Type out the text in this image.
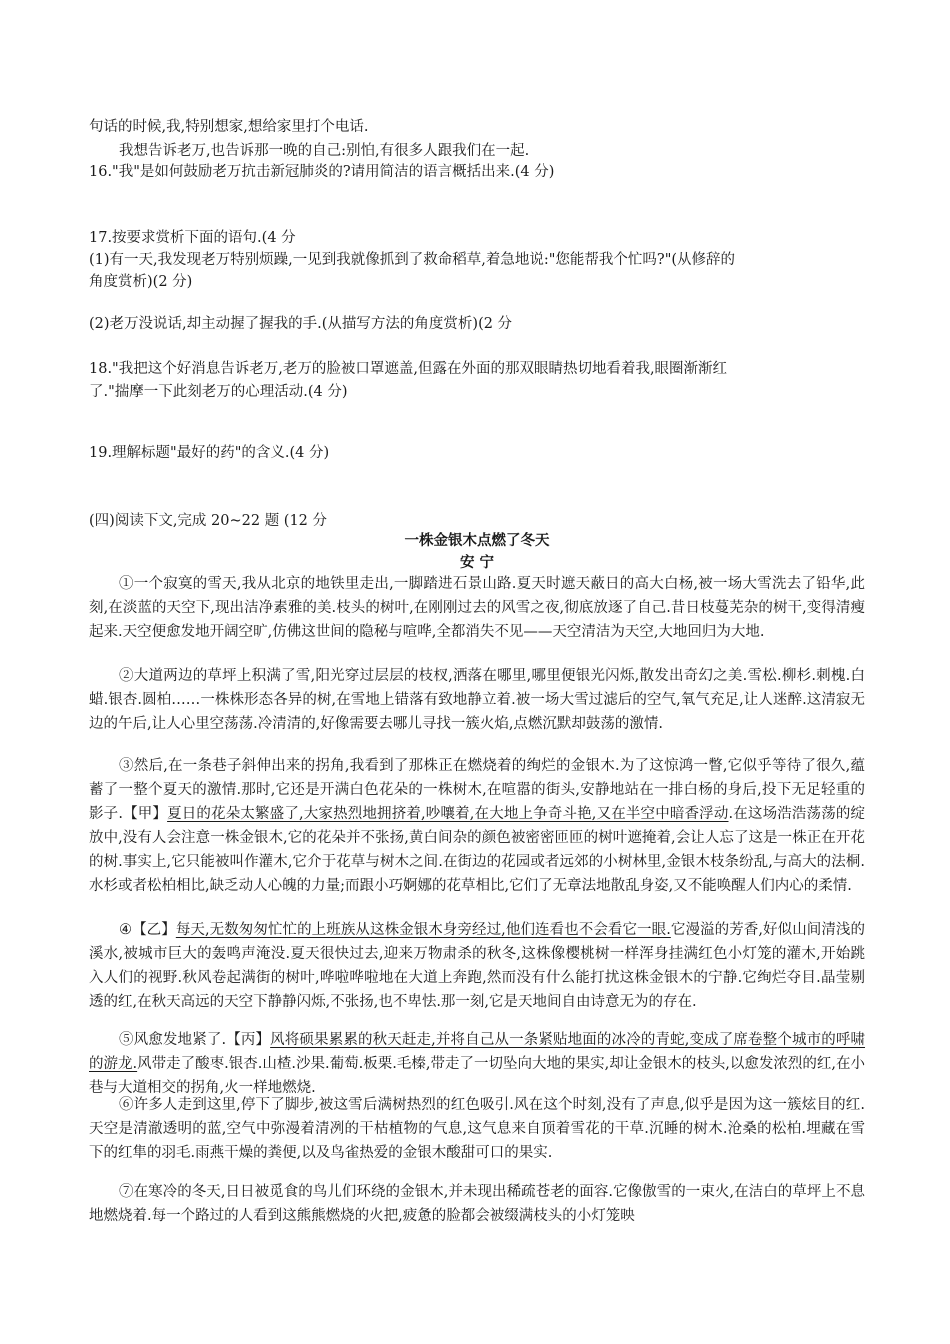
句话的时候,我,特别想家,想给家里打个电话.
我想告诉老万,也告诉那一晚的自己:别怕,有很多人跟我们在一起.
16."我"是如何鼓励老万抗击新冠肺炎的?请用简洁的语言概括出来.(4 分)
17.按要求赏析下面的语句.(4 分
(1)有一天,我发现老万特别烦躁,一见到我就像抓到了救命稻草,着急地说:"您能帮我个忙吗?"(从修辞的
角度赏析)(2 分)
(2)老万没说话,却主动握了握我的手.(从描写方法的角度赏析)(2 分
18."我把这个好消息告诉老万,老万的脸被口罩遮盖,但露在外面的那双眼睛热切地看着我,眼圈渐渐红
了."揣摩一下此刻老万的心理活动.(4 分)
19.理解标题"最好的药"的含义.(4 分)
(四)阅读下文,完成 20~22 题 (12 分
一株金银木点燃了冬天
安 宁

①一个寂寞的雪天,我从北京的地铁里走出,一脚踏进石景山路.夏天时遮天蔽日的高大白杨,被一场大雪洗去了铅华,此刻,在淡蓝的天空下,现出洁净素雅的美.枝头的树叶,在刚刚过去的风雪之夜,彻底放逐了自己.昔日枝蔓芜杂的树干,变得清瘦起来.天空便愈发地开阔空旷,仿佛这世间的隐秘与喧哗,全都消失不见——天空清洁为天空,大地回归为大地.

②大道两边的草坪上积满了雪,阳光穿过层层的枝杈,洒落在哪里,哪里便银光闪烁,散发出奇幻之美.雪松.柳杉.刺槐.白蜡.银杏.圆柏……一株株形态各异的树,在雪地上错落有致地静立着.被一场大雪过滤后的空气,氧气充足,让人迷醉.这清寂无边的午后,让人心里空荡荡.冷清清的,好像需要去哪儿寻找一簇火焰,点燃沉默却鼓荡的激情.

③然后,在一条巷子斜伸出来的拐角,我看到了那株正在燃烧着的绚烂的金银木.为了这惊鸿一瞥,它似乎等待了很久,蕴蓄了一整个夏天的激情.那时,它还是开满白色花朵的一株树木,在喧嚣的街头,安静地站在一排白杨的身后,投下无足轻重的影子.【甲】夏日的花朵太繁盛了,大家热烈地拥挤着,吵嚷着,在大地上争奇斗艳,又在半空中暗香浮动.在这场浩浩荡荡的绽放中,没有人会注意一株金银木,它的花朵并不张扬,黄白间杂的颜色被密密匝匝的树叶遮掩着,会让人忘了这是一株正在开花的树.事实上,它只能被叫作灌木,它介于花草与树木之间.在街边的花园或者远郊的小树林里,金银木枝条纷乱,与高大的法桐.水杉或者松柏相比,缺乏动人心魄的力量;而跟小巧婀娜的花草相比,它们了无章法地散乱身姿,又不能唤醒人们内心的柔情.

④【乙】每天,无数匆匆忙忙的上班族从这株金银木身旁经过,他们连看也不会看它一眼.它漫溢的芳香,好似山间清浅的溪水,被城市巨大的轰鸣声淹没.夏天很快过去,迎来万物肃杀的秋冬,这株像樱桃树一样浑身挂满红色小灯笼的灌木,开始跳入人们的视野.秋风卷起满街的树叶,哗啦哗啦地在大道上奔跑,然而没有什么能打扰这株金银木的宁静.它绚烂夺目.晶莹剔透的红,在秋天高远的天空下静静闪烁,不张扬,也不卑怯.那一刻,它是天地间自由诗意无为的存在.

⑤风愈发地紧了.【丙】风将硕果累累的秋天赶走,并将自己从一条紧贴地面的冰冷的青蛇,变成了席卷整个城市的呼啸的游龙.风带走了酸枣.银杏.山楂.沙果.葡萄.板栗.毛榛,带走了一切坠向大地的果实,却让金银木的枝头,以愈发浓烈的红,在小巷与大道相交的拐角,火一样地燃烧.

⑥许多人走到这里,停下了脚步,被这雪后满树热烈的红色吸引.风在这个时刻,没有了声息,似乎是因为这一簇炫目的红.天空是清澈透明的蓝,空气中弥漫着清冽的干枯植物的气息,这气息来自顶着雪花的干草.沉睡的树木.沧桑的松柏.埋藏在雪下的红隼的羽毛.雨燕干燥的粪便,以及鸟雀热爱的金银木酸甜可口的果实.

⑦在寒冷的冬天,日日被觅食的鸟儿们环绕的金银木,并未现出稀疏苍老的面容.它像傲雪的一束火,在洁白的草坪上不息地燃烧着.每一个路过的人看到这熊熊燃烧的火把,疲惫的脸都会被缀满枝头的小灯笼映
